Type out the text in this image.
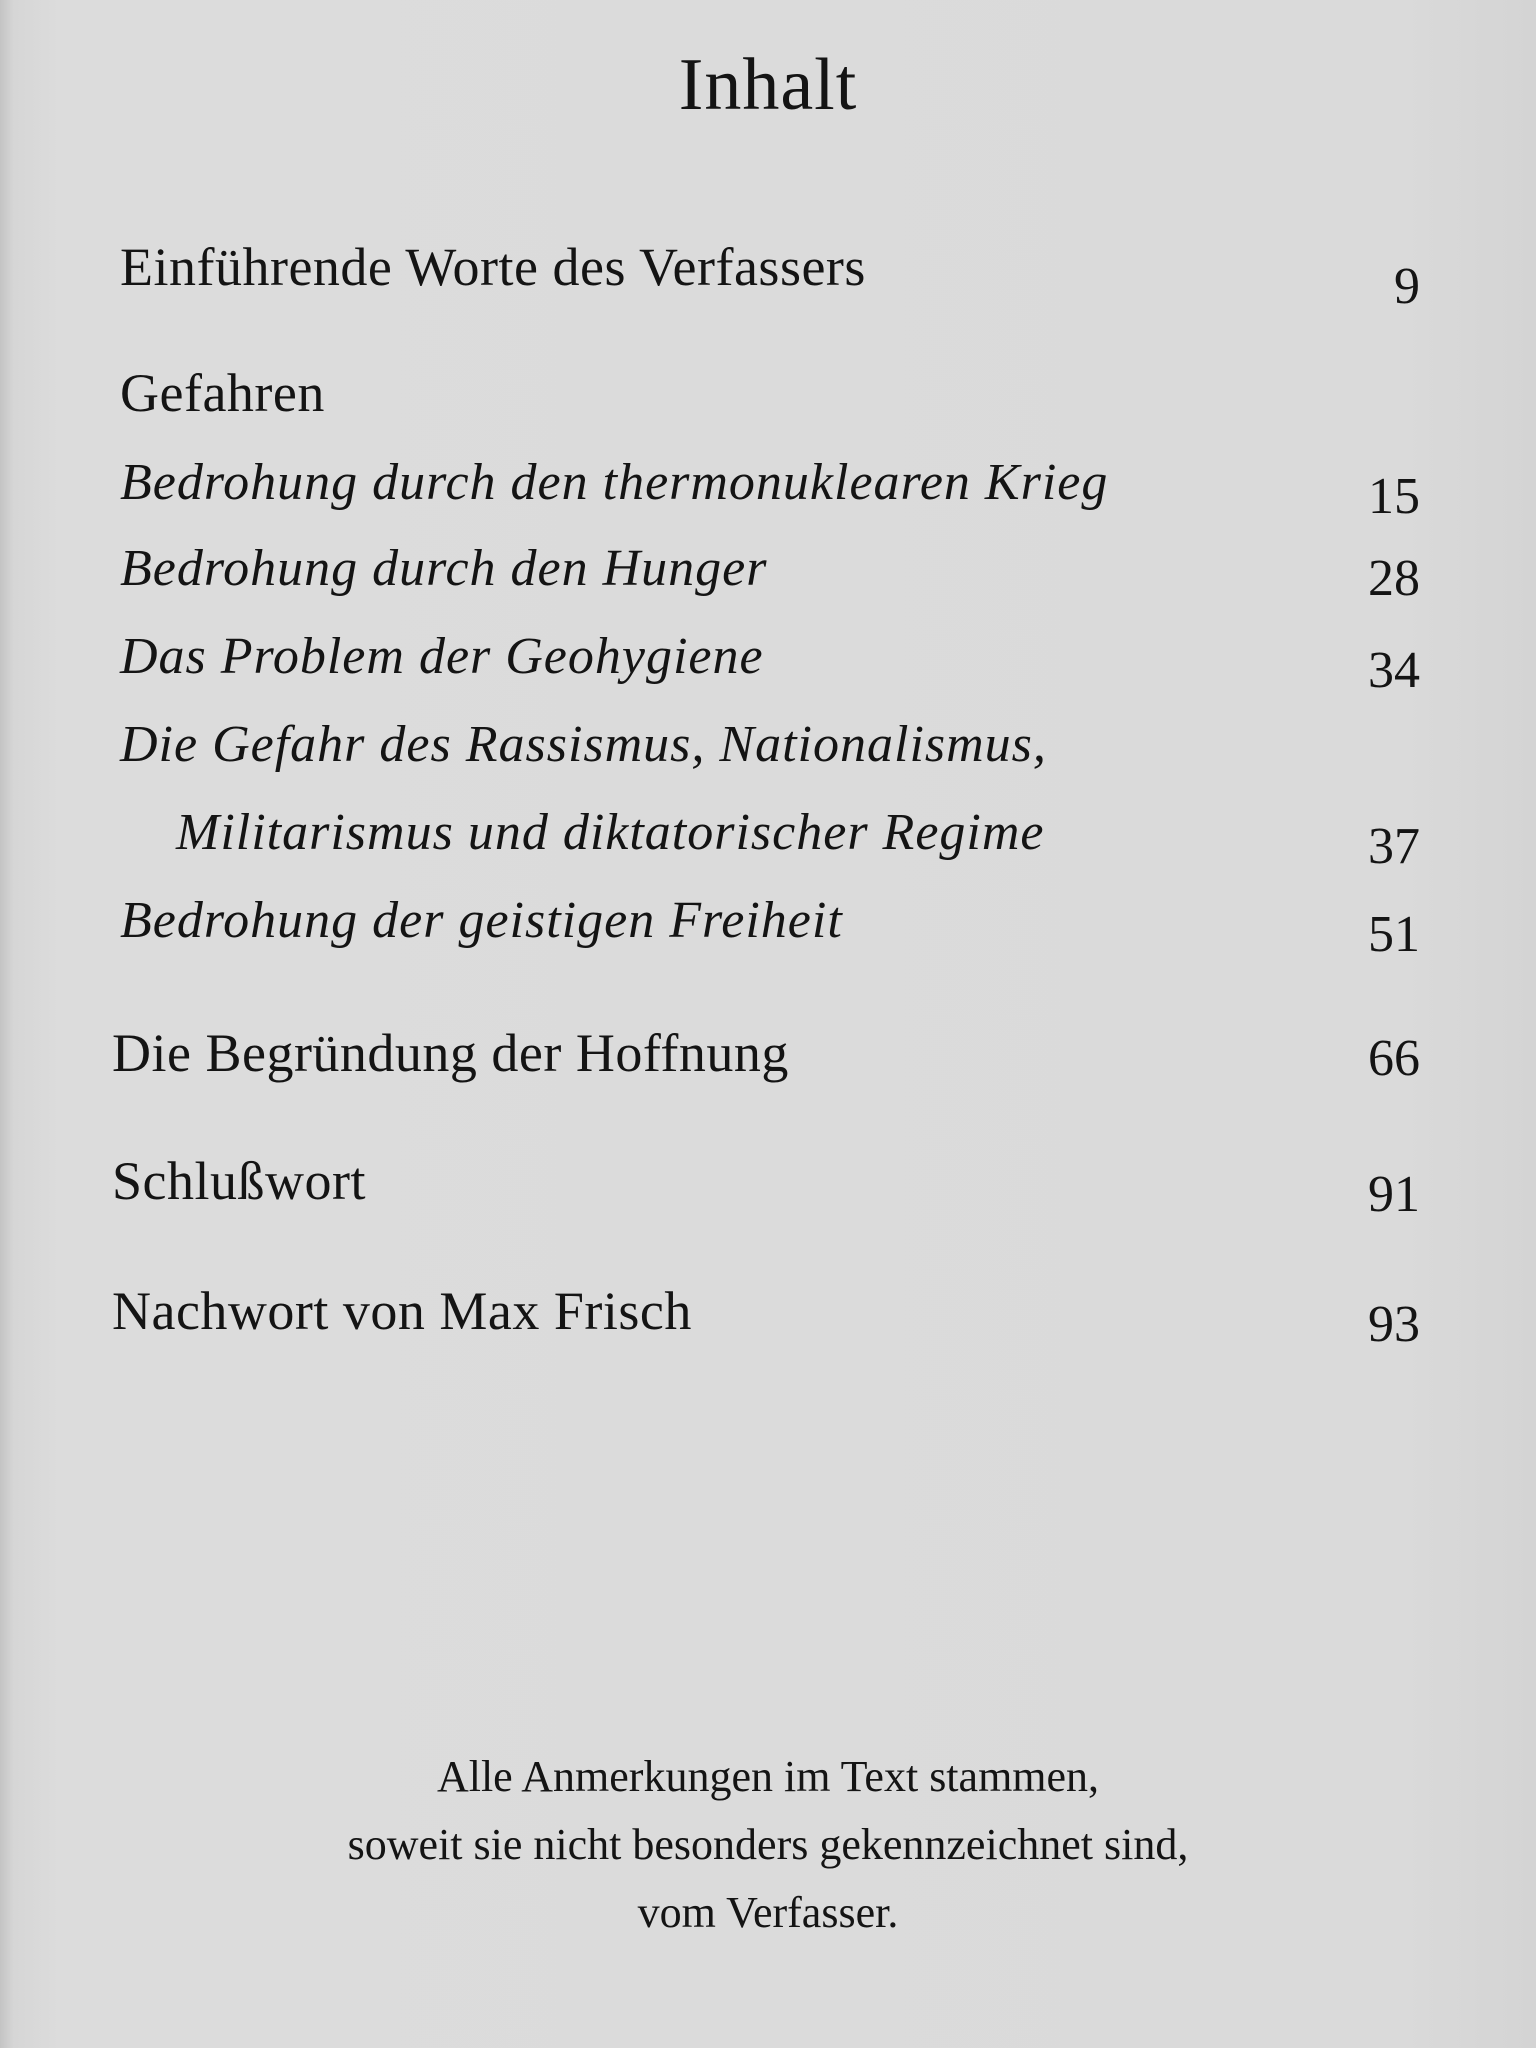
Inhalt
Einführende Worte des Verfassers	9
Gefahren
Bedrohung durch den thermonuklearen Krieg	15
Bedrohung durch den Hunger	28
Das Problem der Geohygiene	34
Die Gefahr des Rassismus, Nationalismus,
Militarismus und diktatorischer Regime	37
Bedrohung der geistigen Freiheit	51
Die Begründung der Hoffnung	66
Schlußwort	91
Nachwort von Max Frisch	93
Alle Anmerkungen im Text stammen,
soweit sie nicht besonders gekennzeichnet sind,
vom Verfasser.
